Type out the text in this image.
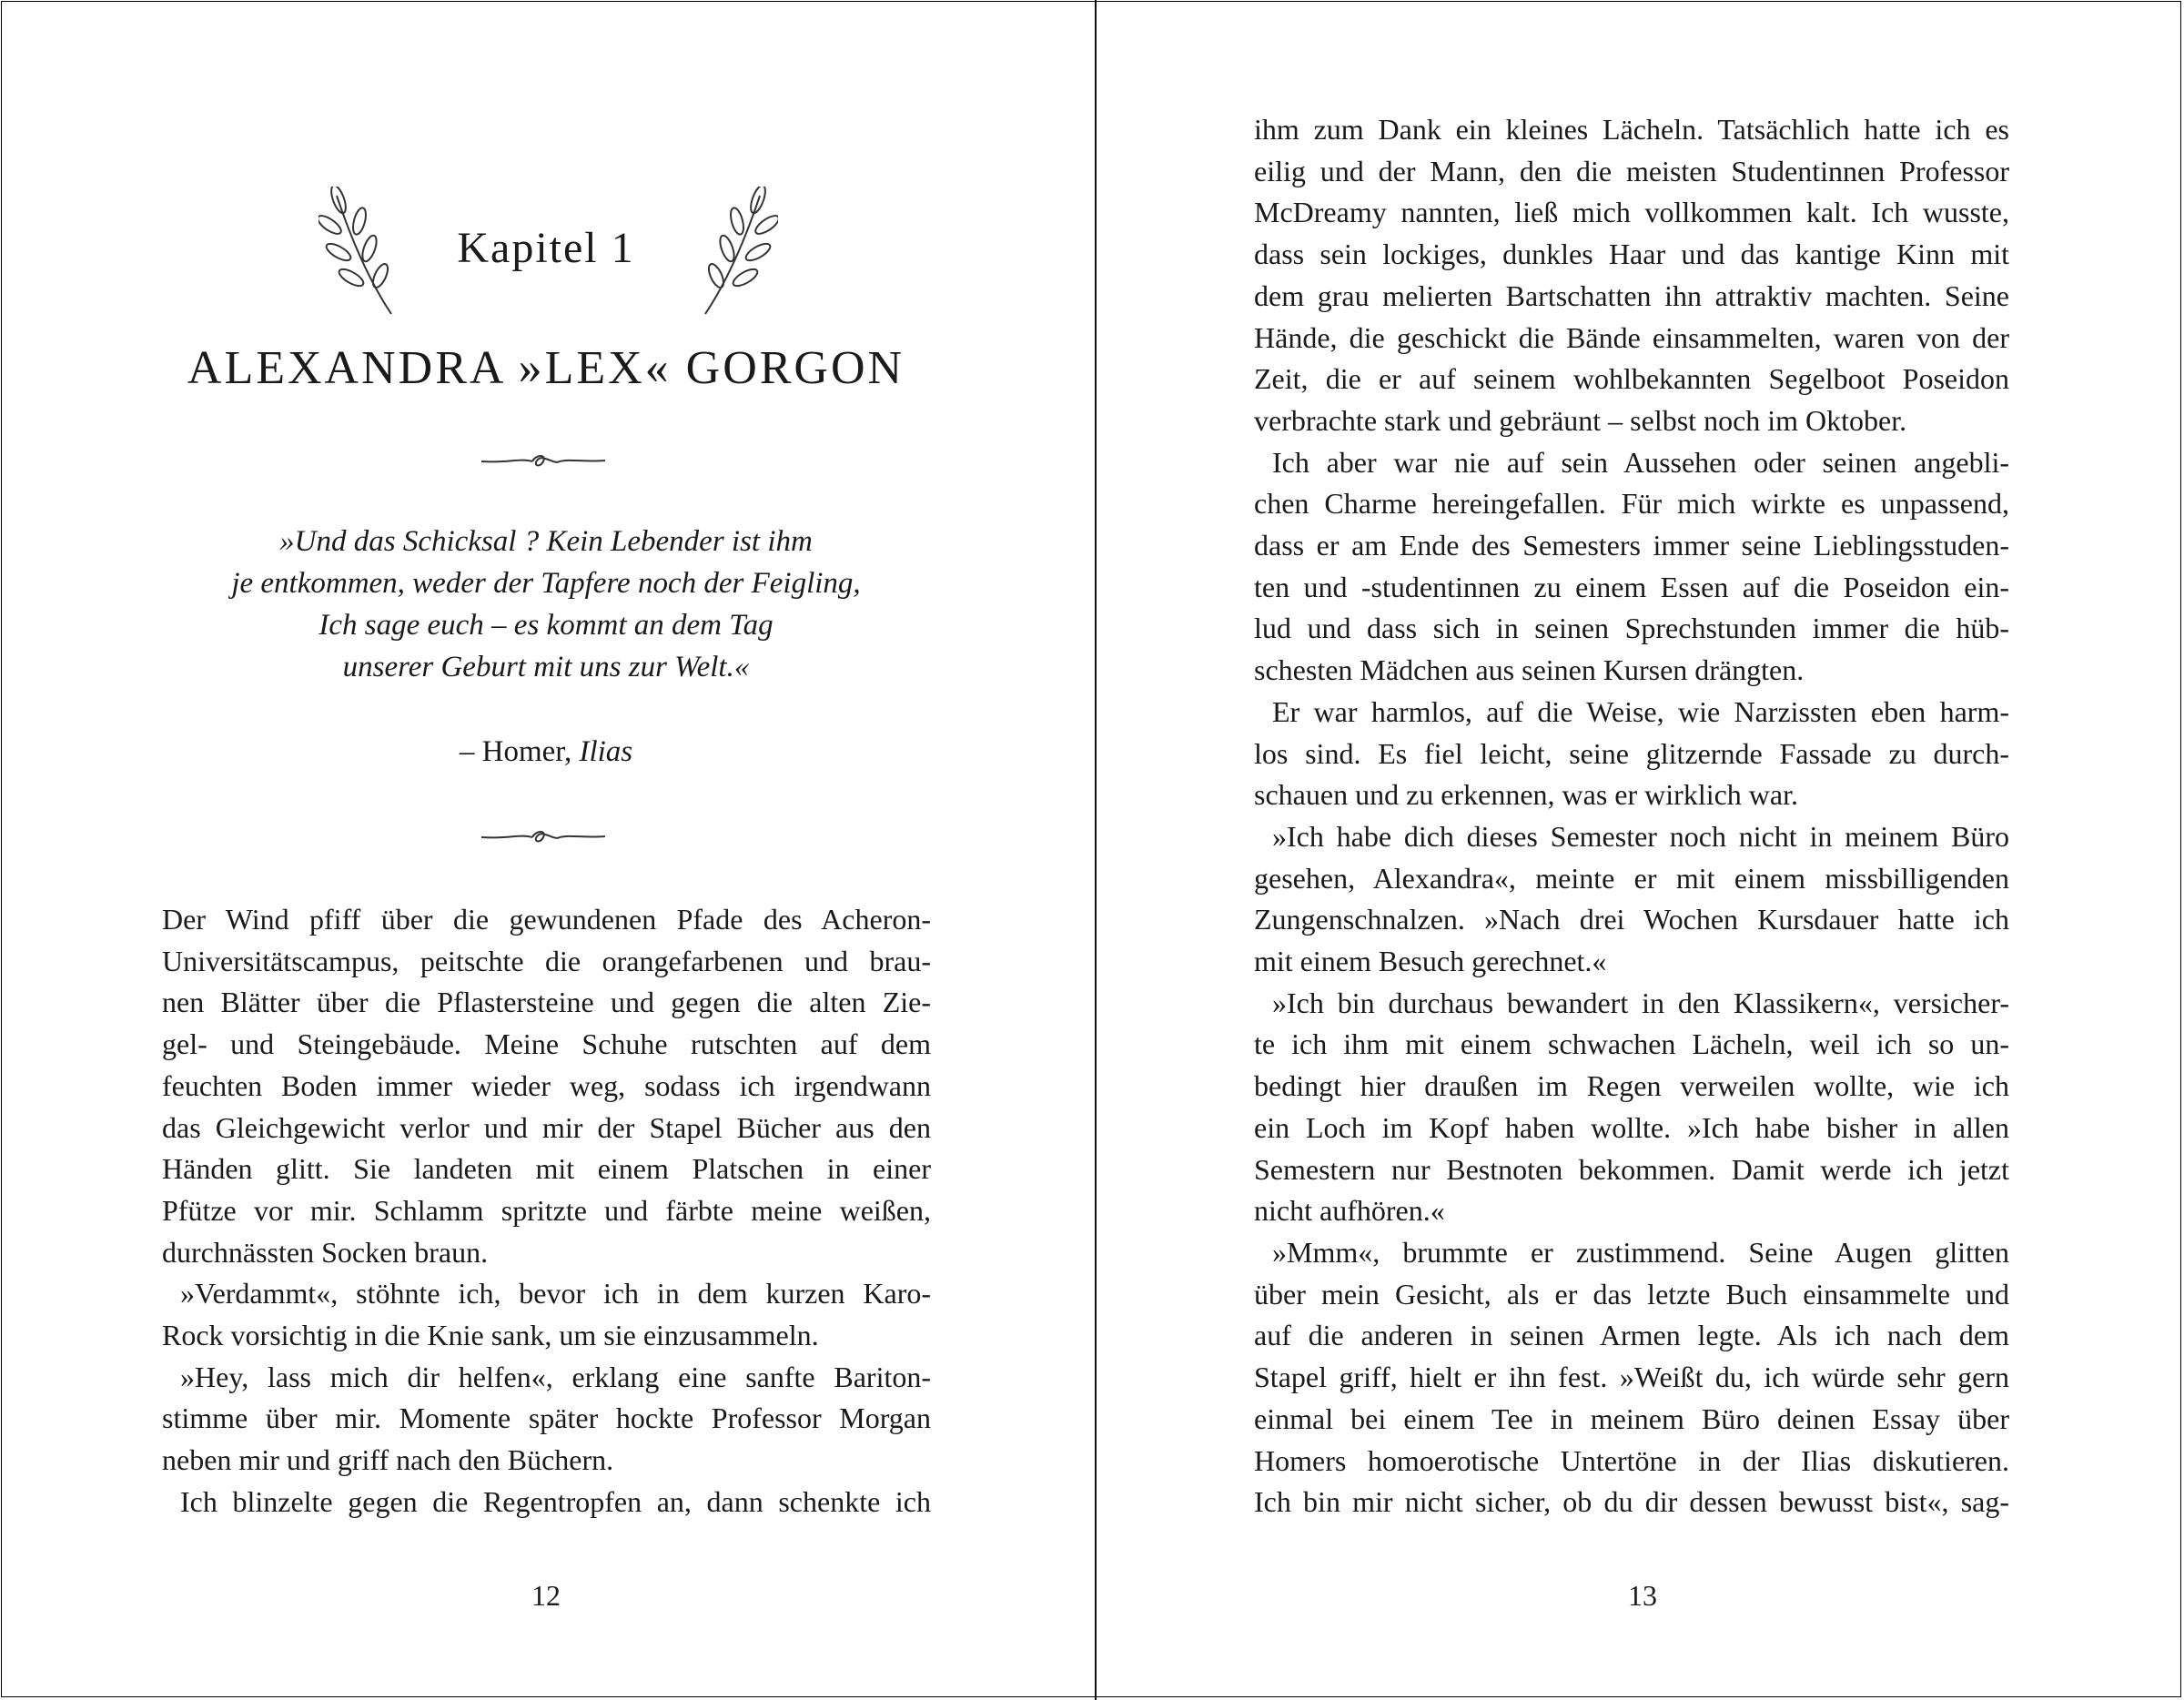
Kapitel 1
ALEXANDRA »LEX« GORGON
»Und das Schicksal ? Kein Lebender ist ihm
je entkommen, weder der Tapfere noch der Feigling,
Ich sage euch – es kommt an dem Tag
unserer Geburt mit uns zur Welt.«
– Homer, Ilias

Der Wind pfiff über die gewundenen Pfade des Acheron-

Universitätscampus, peitschte die orangefarbenen und brau-

nen Blätter über die Pflastersteine und gegen die alten Zie-

gel- und Steingebäude. Meine Schuhe rutschten auf dem

feuchten Boden immer wieder weg, sodass ich irgendwann

das Gleichgewicht verlor und mir der Stapel Bücher aus den

Händen glitt. Sie landeten mit einem Platschen in einer

Pfütze vor mir. Schlamm spritzte und färbte meine weißen,

durchnässten Socken braun.

»Verdammt«, stöhnte ich, bevor ich in dem kurzen Karo-

Rock vorsichtig in die Knie sank, um sie einzusammeln.

»Hey, lass mich dir helfen«, erklang eine sanfte Bariton-

stimme über mir. Momente später hockte Professor Morgan

neben mir und griff nach den Büchern.

Ich blinzelte gegen die Regentropfen an, dann schenkte ich

12

ihm zum Dank ein kleines Lächeln. Tatsächlich hatte ich es

eilig und der Mann, den die meisten Studentinnen Professor

McDreamy nannten, ließ mich vollkommen kalt. Ich wusste,

dass sein lockiges, dunkles Haar und das kantige Kinn mit

dem grau melierten Bartschatten ihn attraktiv machten. Seine

Hände, die geschickt die Bände einsammelten, waren von der

Zeit, die er auf seinem wohlbekannten Segelboot Poseidon

verbrachte stark und gebräunt – selbst noch im Oktober.

Ich aber war nie auf sein Aussehen oder seinen angebli-

chen Charme hereingefallen. Für mich wirkte es unpassend,

dass er am Ende des Semesters immer seine Lieblingsstuden-

ten und -studentinnen zu einem Essen auf die Poseidon ein-

lud und dass sich in seinen Sprechstunden immer die hüb-

schesten Mädchen aus seinen Kursen drängten.

Er war harmlos, auf die Weise, wie Narzissten eben harm-

los sind. Es fiel leicht, seine glitzernde Fassade zu durch-

schauen und zu erkennen, was er wirklich war.

»Ich habe dich dieses Semester noch nicht in meinem Büro

gesehen, Alexandra«, meinte er mit einem missbilligenden

Zungenschnalzen. »Nach drei Wochen Kursdauer hatte ich

mit einem Besuch gerechnet.«

»Ich bin durchaus bewandert in den Klassikern«, versicher-

te ich ihm mit einem schwachen Lächeln, weil ich so un-

bedingt hier draußen im Regen verweilen wollte, wie ich

ein Loch im Kopf haben wollte. »Ich habe bisher in allen

Semestern nur Bestnoten bekommen. Damit werde ich jetzt

nicht aufhören.«

»Mmm«, brummte er zustimmend. Seine Augen glitten

über mein Gesicht, als er das letzte Buch einsammelte und

auf die anderen in seinen Armen legte. Als ich nach dem

Stapel griff, hielt er ihn fest. »Weißt du, ich würde sehr gern

einmal bei einem Tee in meinem Büro deinen Essay über

Homers homoerotische Untertöne in der Ilias diskutieren.

Ich bin mir nicht sicher, ob du dir dessen bewusst bist«, sag-

13
